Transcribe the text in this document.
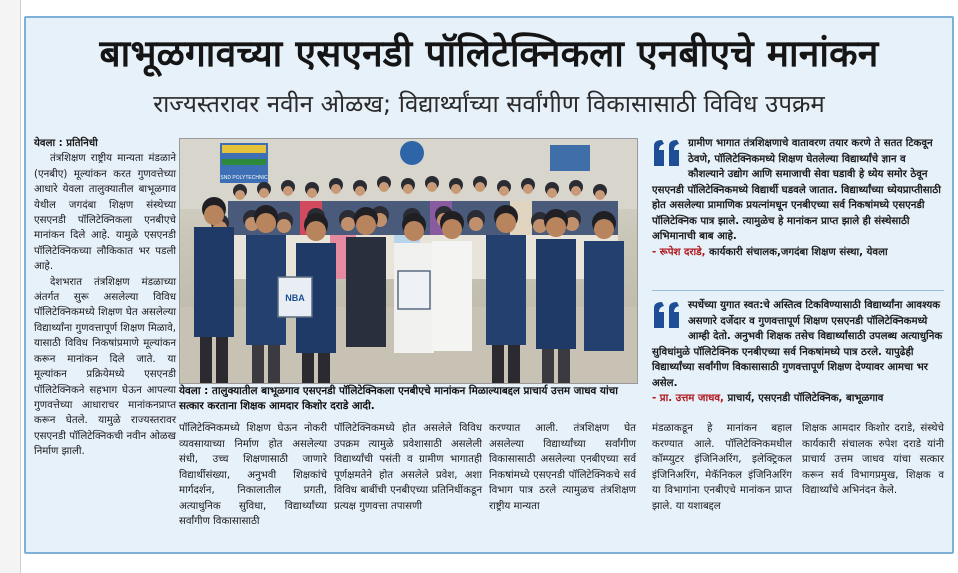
बाभूळगावच्या एसएनडी पॉलिटेक्निकला एनबीएचे मानांकन
राज्यस्तरावर नवीन ओळख; विद्यार्थ्यांच्या सर्वांगीण विकासासाठी विविध उपक्रम
येवला : प्रतिनिधी

तंत्रशिक्षण राष्ट्रीय मान्यता मंडळाने (एनबीए) मूल्यांकन करत गुणवत्तेच्या आधारे येवला तालुक्यातील बाभूळगाव येथील जगदंबा शिक्षण संस्थेच्या एसएनडी पॉलिटेक्निकला एनबीएचे मानांकन दिले आहे. यामुळे एसएनडी पॉलिटेक्निकच्या लौकिकात भर पडली आहे.

देशभरात तंत्रशिक्षण मंडळाच्या अंतर्गत सुरू असलेल्या विविध पॉलिटेक्निकमध्ये शिक्षण घेत असलेल्या विद्यार्थ्यांना गुणवत्तापूर्ण शिक्षण मिळावे, यासाठी विविध निकषांप्रमाणे मूल्यांकन करून मानांकन दिले जाते. या मूल्यांकन प्रक्रियेमध्ये एसएनडी पॉलिटेक्निकने सहभाग घेऊन आपल्या गुणवत्तेच्या आधाराचर मानांकनप्राप्त करून घेतले. यामुळे राज्यस्तरावर एसएनडी पॉलिटेक्निकची नवीन ओळख निर्माण झाली.

SND POLYTECHNIC
NBA
येवला : तालुक्यातील बाभूळगाव एसएनडी पॉलिटेक्निकला एनबीएचे मानांकन मिळाल्याबद्दल प्राचार्य उत्तम जाधव यांचा सत्कार करताना शिक्षक आमदार किशोर दराडे आदी.
पॉलिटेक्निकमध्ये शिक्षण घेऊन नोकरी व्यवसायाच्या निर्माण होत असलेल्या संधी, उच्च शिक्षणासाठी जाणारे विद्यार्थीसंख्या, अनुभवी शिक्षकांचे मार्गदर्शन, निकालातील प्रगती, अत्याधुनिक सुविधा, विद्यार्थ्यांच्या सर्वांगीण विकासासाठी
पॉलिटेक्निकमध्ये होत असलेले विविध उपक्रम त्यामुळे प्रवेशासाठी असलेली विद्यार्थ्यांची पसंती व ग्रामीण भागातही पूर्णक्षमतेने होत असलेले प्रवेश, अशा विविध बाबींची एनबीएच्या प्रतिनिधींकडून प्रत्यक्ष गुणवत्ता तपासणी
करण्यात आली. तंत्रशिक्षण घेत असलेल्या विद्यार्थ्यांच्या सर्वांगीण विकासासाठी असलेल्या एनबीएच्या सर्व निकषांमध्ये एसएनडी पॉलिटेक्निकचे सर्व विभाग पात्र ठरले त्यामुळच तंत्रशिक्षण राष्ट्रीय मान्यता
मंडळाकडून हे मानांकन बहाल करण्यात आले. पॉलिटेक्निकमधील कॉम्प्युटर इंजिनिअरिंग, इलेक्ट्रिकल इंजिनिअरिंग, मेकॅनिकल इंजिनिअरिंग या विभागांना एनबीएचे मानांकन प्राप्त झाले. या यशाबद्दल
शिक्षक आमदार किशोर दराडे, संस्थेचे कार्यकारी संचालक रुपेश दराडे यांनी प्राचार्य उत्तम जाधव यांचा सत्कार करून सर्व विभागप्रमुख, शिक्षक व विद्यार्थ्यांचे अभिनंदन केले.
ग्रामीण भागात तंत्रशिक्षणाचे वातावरण तयार करणे ते सतत टिकवून ठेवणे, पॉलिटेक्निकमध्ये शिक्षण घेतलेल्या विद्यार्थ्यांचे ज्ञान व कौशल्याने उद्योग आणि समाजाची सेवा घडावी हे ध्येय समोर ठेवून एसएनडी पॉलिटेक्निकमध्ये विद्यार्थी घडवले जातात. विद्यार्थ्यांच्या ध्येयप्राप्तीसाठी होत असलेल्या प्रामाणिक प्रयत्नांमधून एनबीएच्या सर्व निकषांमध्ये एसएनडी पॉलिटेक्निक पात्र झाले. त्यामुळेच हे मानांकन प्राप्त झाले ही संस्थेसाठी अभिमानाची बाब आहे.
- रूपेश दराडे, कार्यकारी संचालक,जगदंबा शिक्षण संस्था, येवला
स्पर्धेच्या युगात स्वत:चे अस्तित्व टिकविण्यासाठी विद्यार्थ्यांना आवश्यक असणारे दर्जेदार व गुणवत्तापूर्ण शिक्षण एसएनडी पॉलिटेक्निकमध्ये आम्ही देतो. अनुभवी शिक्षक तसेच विद्यार्थ्यांसाठी उपलब्ध अत्याधुनिक सुविधांमुळे पॉलिटेक्निक एनबीएच्या सर्व निकषांमध्ये पात्र ठरले. यापुढेही विद्यार्थ्यांच्या सर्वांगीण विकासासाठी गुणवत्तापूर्ण शिक्षण देण्यावर आमचा भर असेल.
- प्रा. उत्तम जाधव, प्राचार्य, एसएनडी पॉलिटेक्निक, बाभूळगाव
